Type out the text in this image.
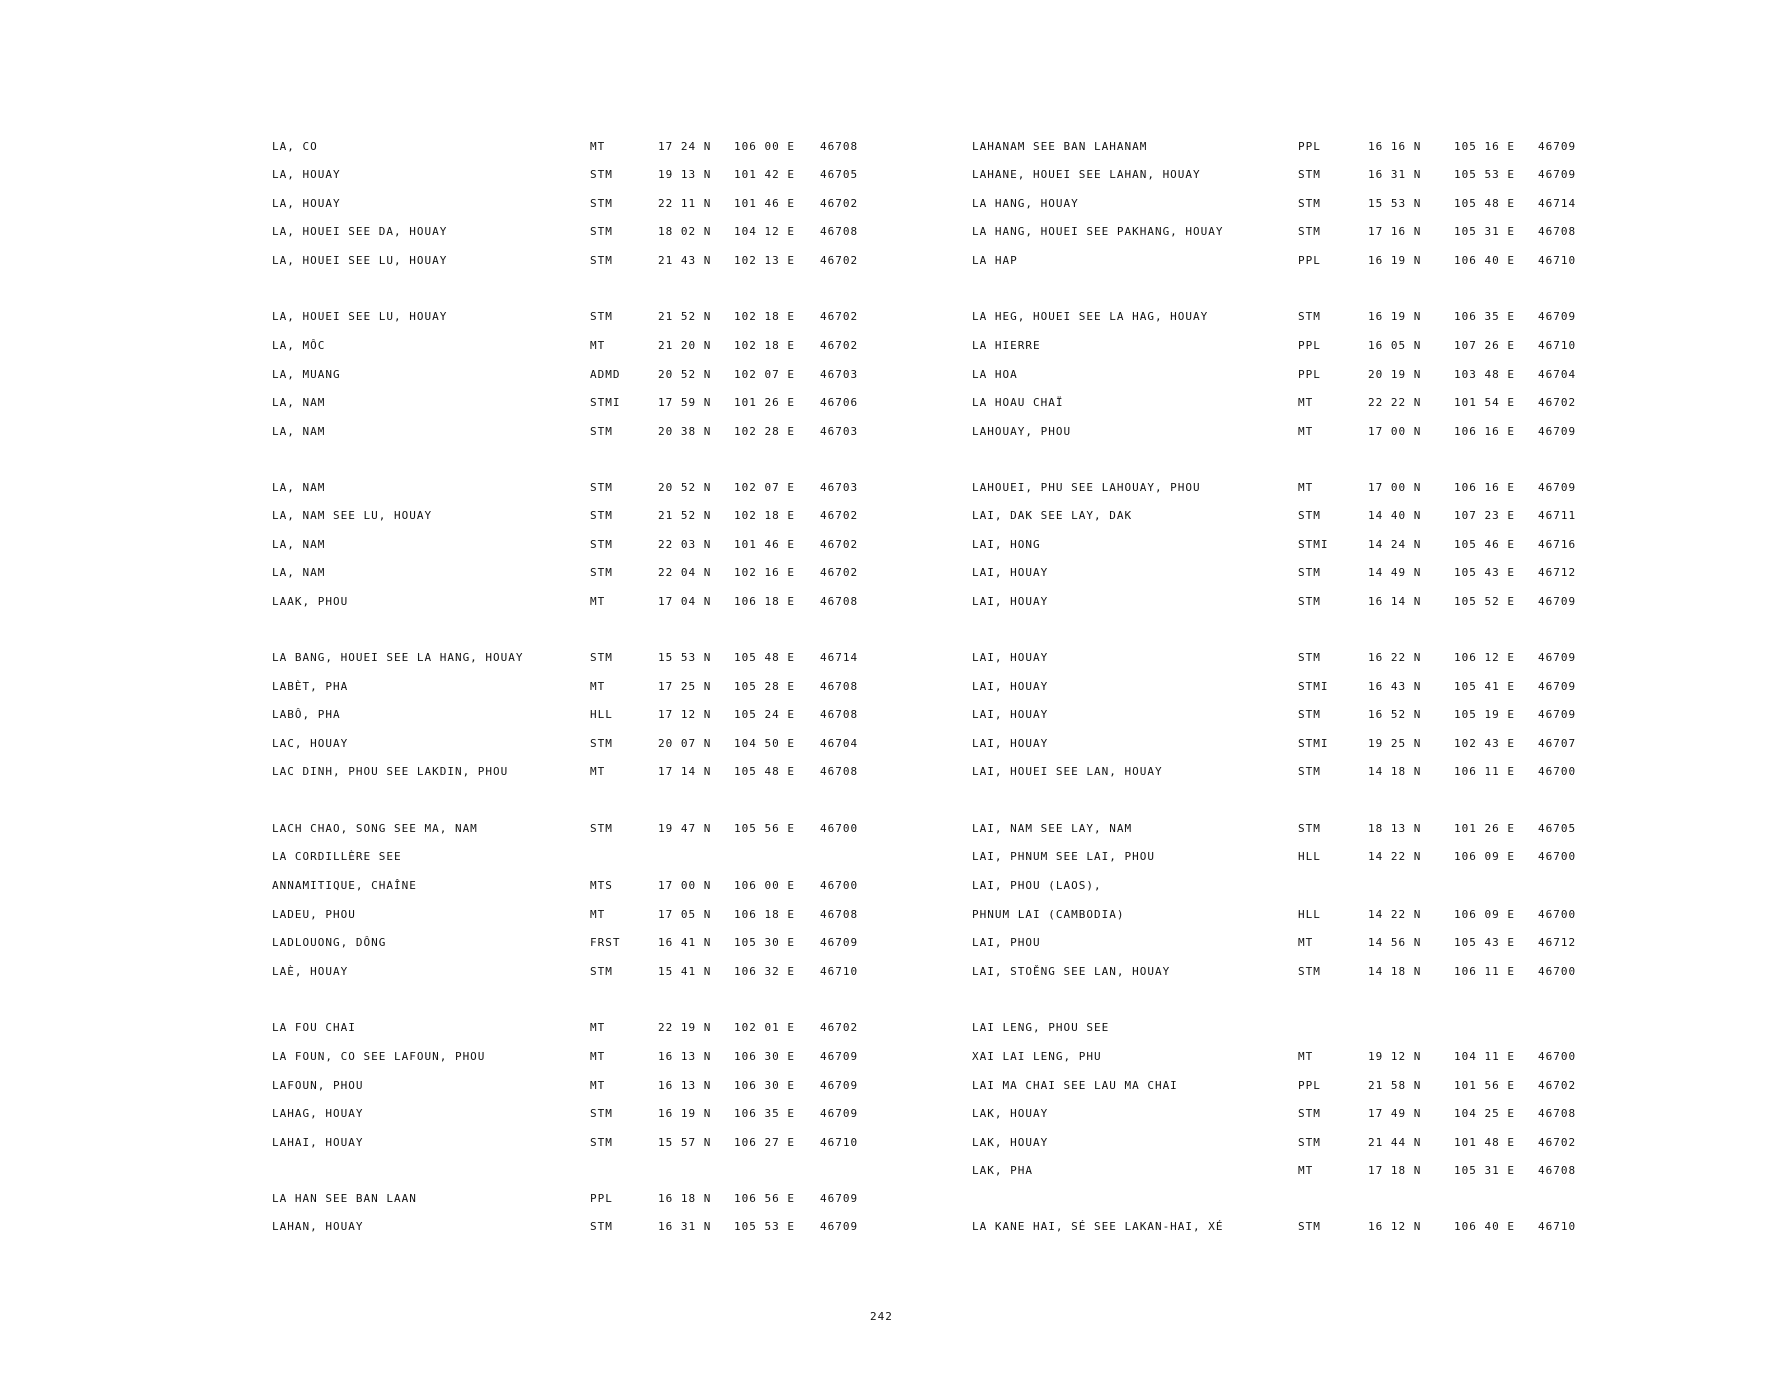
LA, CO	MT	17 24 N 106 00 E 46708
LA, HOUAY	STM	19 13 N 101 42 E 46705
LA, HOUAY	STM	22 11 N 101 46 E 46702
LA, HOUEI SEE DA, HOUAY	STM	18 02 N 104 12 E 46708
LA, HOUEI SEE LU, HOUAY	STM	21 43 N 102 13 E 46702
LA, HOUEI SEE LU, HOUAY	STM	21 52 N 102 18 E 46702
LA, MÔC	MT	21 20 N 102 18 E 46702
LA, MUANG	ADMD	20 52 N 102 07 E 46703
LA, NAM	STMI	17 59 N 101 26 E 46706
LA, NAM	STM	20 38 N 102 28 E 46703
LA, NAM	STM	20 52 N 102 07 E 46703
LA, NAM SEE LU, HOUAY	STM	21 52 N 102 18 E 46702
LA, NAM	STM	22 03 N 101 46 E 46702
LA, NAM	STM	22 04 N 102 16 E 46702
LAAK, PHOU	MT	17 04 N 106 18 E 46708
LA BANG, HOUEI SEE LA HANG, HOUAY	STM	15 53 N 105 48 E 46714
LABÈT, PHA	MT	17 25 N 105 28 E 46708
LABÔ, PHA	HLL	17 12 N 105 24 E 46708
LAC, HOUAY	STM	20 07 N 104 50 E 46704
LAC DINH, PHOU SEE LAKDIN, PHOU	MT	17 14 N 105 48 E 46708
LACH CHAO, SONG SEE MA, NAM	STM	19 47 N 105 56 E 46700
LA CORDILLÈRE SEE
ANNAMITIQUE, CHAÎNE	MTS	17 00 N 106 00 E 46700
LADEU, PHOU	MT	17 05 N 106 18 E 46708
LADLOUONG, DÔNG	FRST	16 41 N 105 30 E 46709
LAÈ, HOUAY	STM	15 41 N 106 32 E 46710
LA FOU CHAI	MT	22 19 N 102 01 E 46702
LA FOUN, CO SEE LAFOUN, PHOU	MT	16 13 N 106 30 E 46709
LAFOUN, PHOU	MT	16 13 N 106 30 E 46709
LAHAG, HOUAY	STM	16 19 N 106 35 E 46709
LAHAI, HOUAY	STM	15 57 N 106 27 E 46710
LA HAN SEE BAN LAAN	PPL	16 18 N 106 56 E 46709
LAHAN, HOUAY	STM	16 31 N 105 53 E 46709
LAHANAM SEE BAN LAHANAM	PPL	16 16 N	105 16 E 46709
LAHANE, HOUEI SEE LAHAN, HOUAY	STM	16 31 N	105 53 E 46709
LA HANG, HOUAY	STM	15 53 N	105 48 E 46714
LA HANG, HOUEI SEE PAKHANG, HOUAY	STM	17 16 N	105 31 E 46708
LA HAP	PPL	16 19 N	106 40 E 46710
LA HEG, HOUEI SEE LA HAG, HOUAY	STM	16 19 N	106 35 E 46709
LA HIERRE	PPL	16 05 N	107 26 E 46710
LA HOA	PPL	20 19 N	103 48 E 46704
LA HOAU CHAÏ	MT	22 22 N	101 54 E 46702
LAHOUAY, PHOU	MT	17 00 N	106 16 E 46709
LAHOUEI, PHU SEE LAHOUAY, PHOU	MT	17 00 N	106 16 E 46709
LAI, DAK SEE LAY, DAK	STM	14 40 N	107 23 E 46711
LAI, HONG	STMI	14 24 N	105 46 E 46716
LAI, HOUAY	STM	14 49 N	105 43 E 46712
LAI, HOUAY	STM	16 14 N	105 52 E 46709
LAI, HOUAY	STM	16 22 N	106 12 E 46709
LAI, HOUAY	STMI	16 43 N	105 41 E 46709
LAI, HOUAY	STM	16 52 N	105 19 E 46709
LAI, HOUAY	STMI	19 25 N	102 43 E 46707
LAI, HOUEI SEE LAN, HOUAY	STM	14 18 N	106 11 E 46700
LAI, NAM SEE LAY, NAM	STM	18 13 N	101 26 E 46705
LAI, PHNUM SEE LAI, PHOU	HLL	14 22 N	106 09 E 46700
LAI, PHOU (LAOS),
PHNUM LAI (CAMBODIA)	HLL	14 22 N	106 09 E 46700
LAI, PHOU	MT	14 56 N	105 43 E 46712
LAI, STOĚNG SEE LAN, HOUAY	STM	14 18 N	106 11 E 46700
LAI LENG, PHOU SEE
XAI LAI LENG, PHU	MT	19 12 N	104 11 E 46700
LAI MA CHAI SEE LAU MA CHAI	PPL	21 58 N	101 56 E 46702
LAK, HOUAY	STM	17 49 N	104 25 E 46708
LAK, HOUAY	STM	21 44 N	101 48 E 46702
LAK, PHA	MT	17 18 N	105 31 E 46708
LA KANE HAI, SÉ SEE LAKAN-HAI, XÉ	STM	16 12 N	106 40 E 46710
242
